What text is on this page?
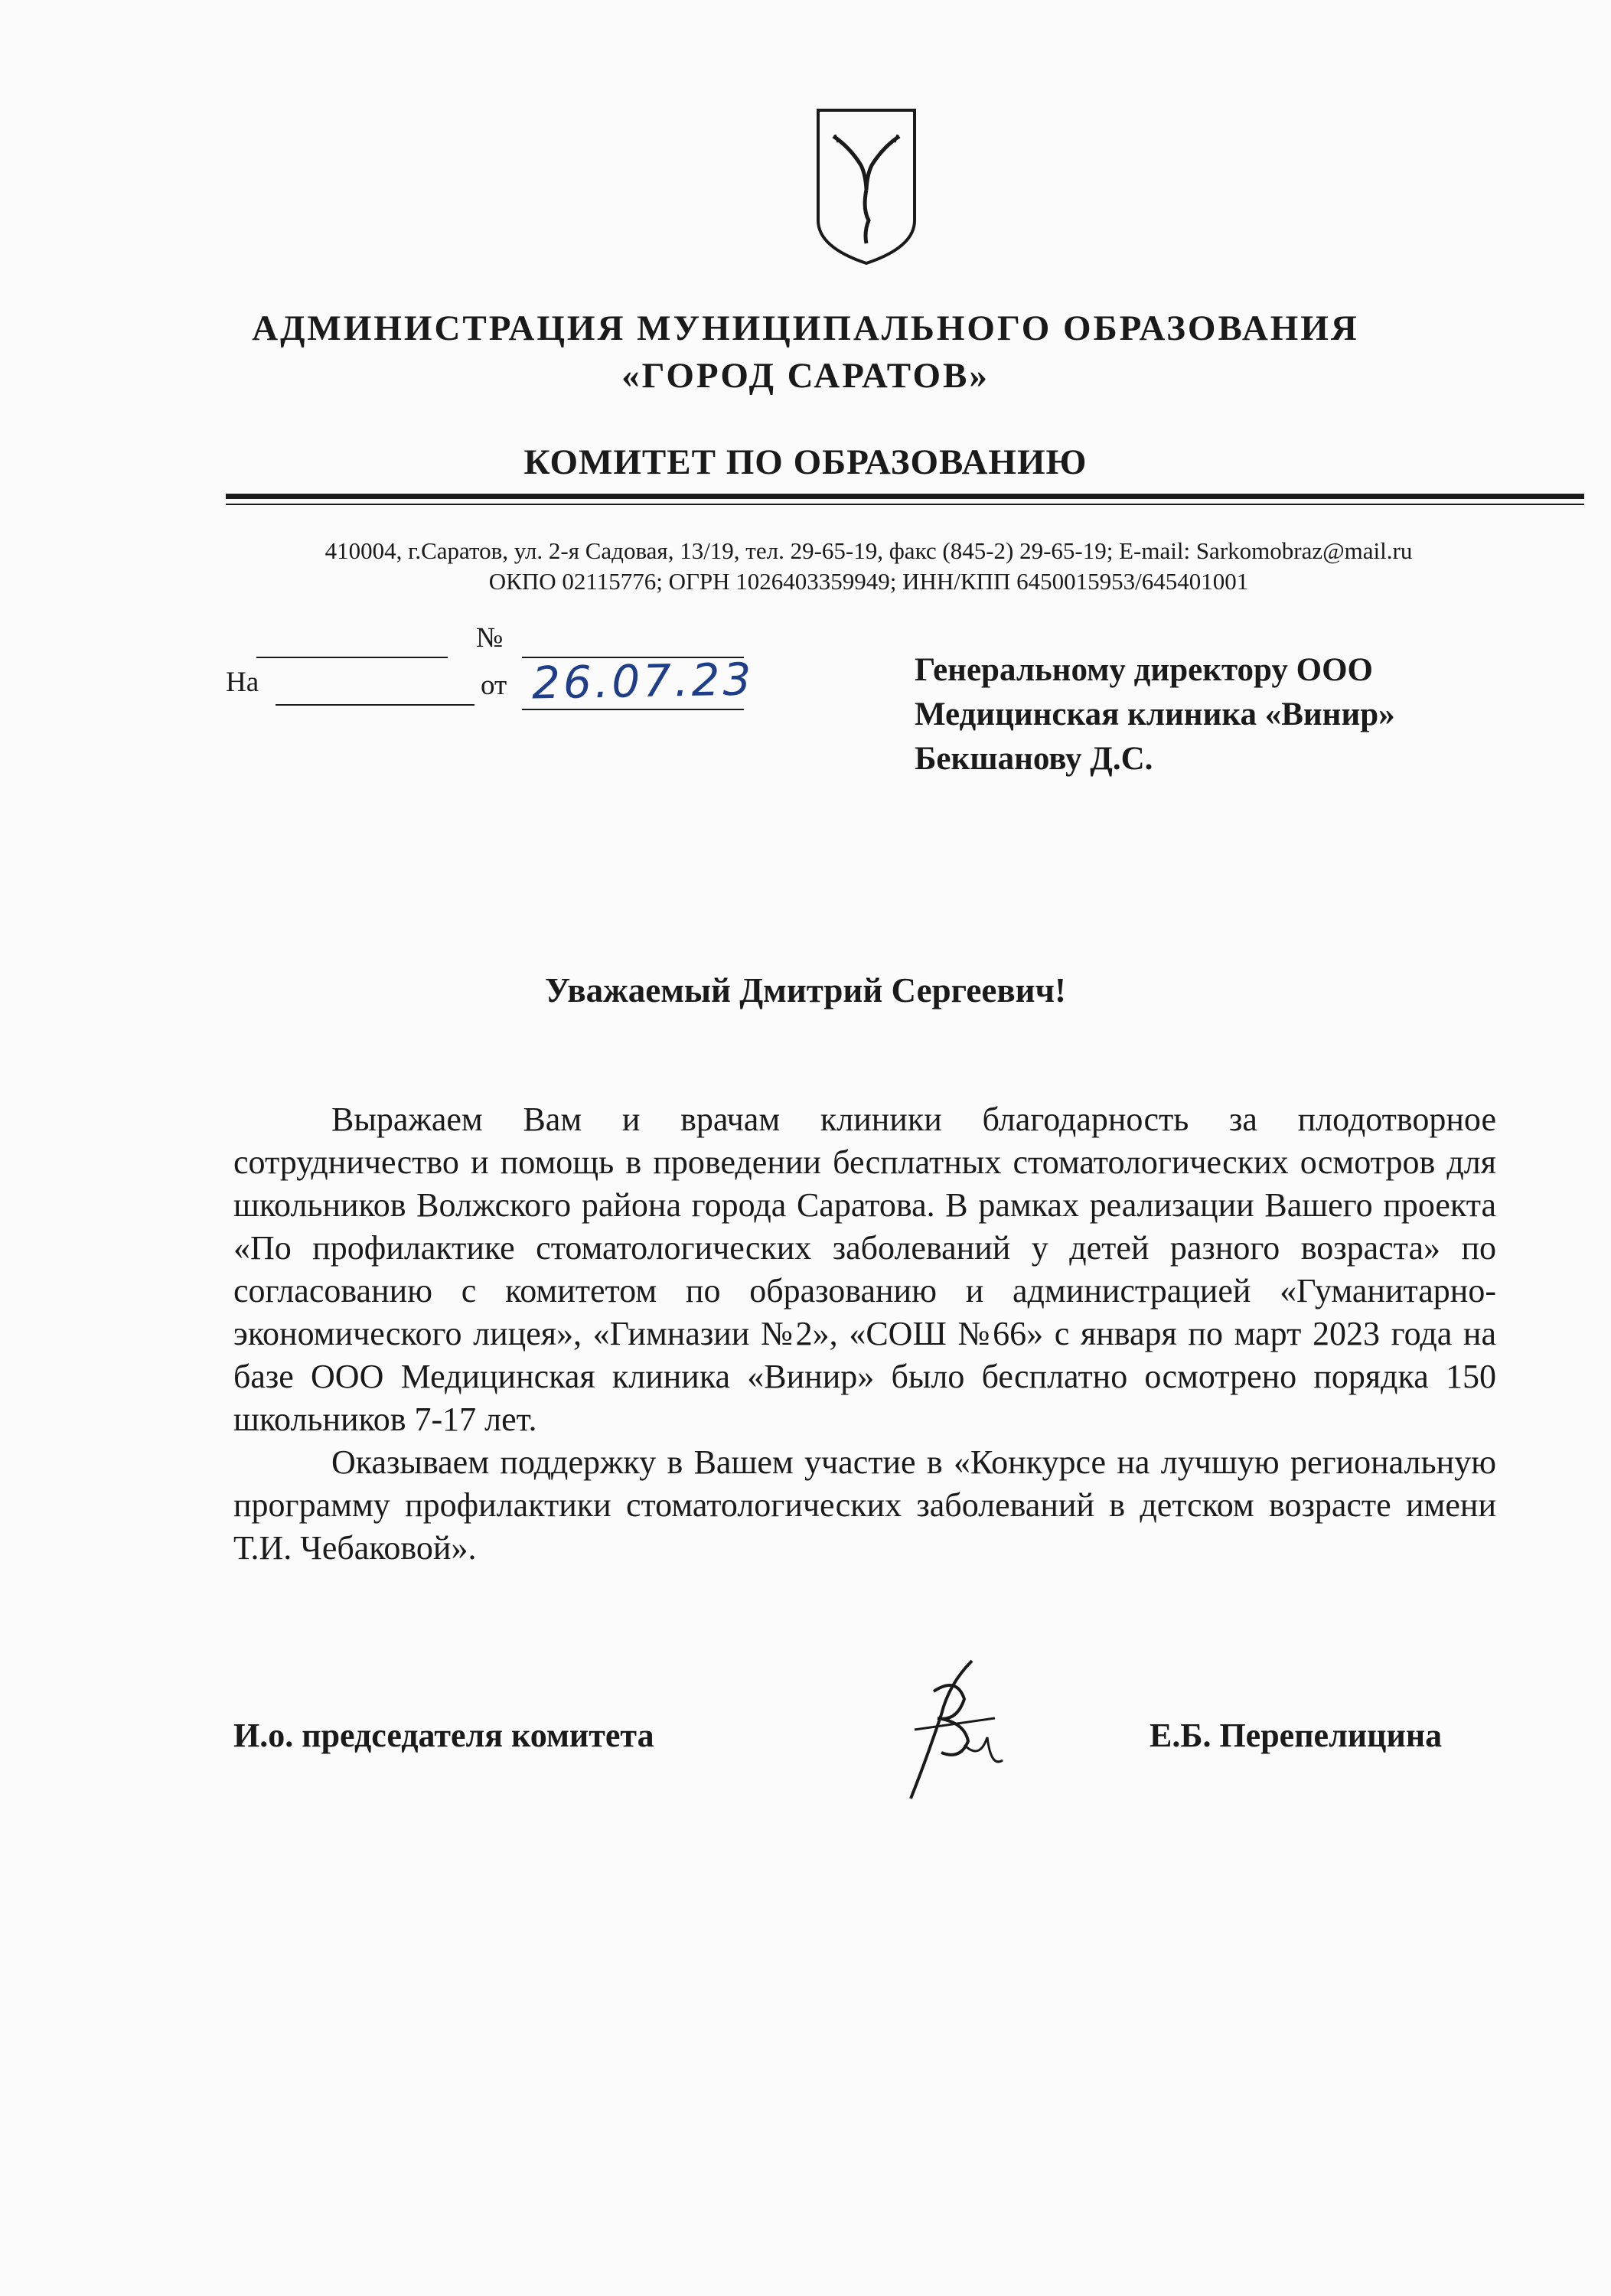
АДМИНИСТРАЦИЯ МУНИЦИПАЛЬНОГО ОБРАЗОВАНИЯ
«ГОРОД САРАТОВ»
КОМИТЕТ ПО ОБРАЗОВАНИЮ
410004, г.Саратов, ул. 2-я Садовая, 13/19, тел. 29-65-19, факс (845-2) 29-65-19; E-mail: Sarkomobraz@mail.ru
ОКПО 02115776; ОГРН 1026403359949; ИНН/КПП 6450015953/645401001
№
На	от 26.07.23	Генеральному директору ООО
Медицинская клиника «Винир»
Бекшанову Д.С.
Уважаемый Дмитрий Сергеевич!

Выражаем Вам и врачам клиники благодарность за плодотворное сотрудничество и помощь в проведении бесплатных стоматологических осмотров для школьников Волжского района города Саратова. В рамках реализации Вашего проекта «По профилактике стоматологических заболеваний у детей разного возраста» по согласованию с комитетом по образованию и администрацией «Гуманитарно-экономического лицея», «Гимназии №2», «СОШ №66» с января по март 2023 года на базе ООО Медицинская клиника «Винир» было бесплатно осмотрено порядка 150 школьников 7-17 лет.

Оказываем поддержку в Вашем участие в «Конкурсе на лучшую региональную программу профилактики стоматологических заболеваний в детском возрасте имени Т.И. Чебаковой».

И.о. председателя комитета	Е.Б. Перепелицина
